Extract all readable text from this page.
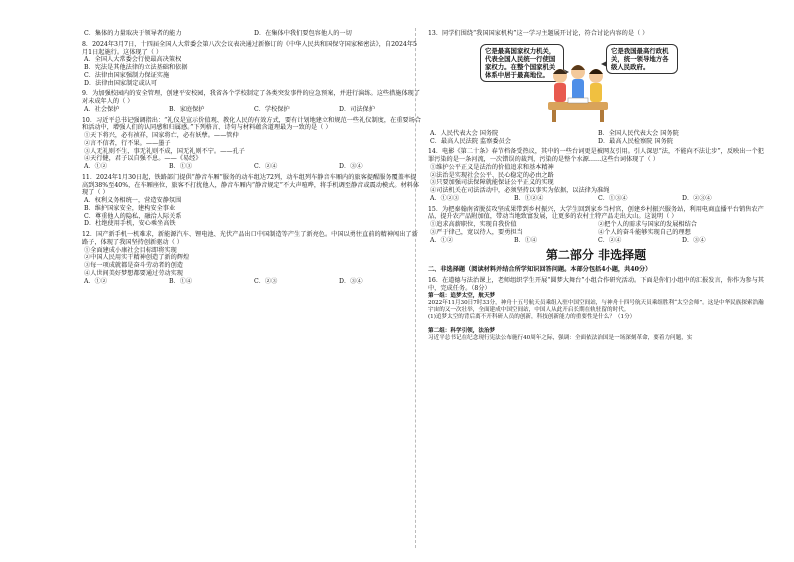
C．集体的力量取决于领导者的能力	D．在集体中我们要包容他人的一切

8．2024年3月7日，十四届全国人大常委会第八次会议表决通过新修订的《中华人民共和国保守国家秘密法》，自2024年5月1日起施行。这体现了（ ）

A．全国人大常委会行使最高决策权
B．宪法是其他法律的立法基础和依据
C．法律由国家强制力保证实施
D．法律由国家制定或认可

9．为加强校园内的安全管理，创建平安校园，我省各个学校制定了各类突发事件的应急预案，并进行演练。这些措施体现了对未成年人的（ ）

A．社会保护	B．家庭保护	C．学校保护	D．司法保护

10．习近平总书记强调指出：“礼仪是宣示价值观、教化人民的有效方式，要有计划地建立和规范一些礼仪制度，在重要场合和活动中，增强人们的认同感和归属感。”下列格言、诗句与材料蕴含道理最为一致的是（ ）

①天下将兴，必有祯祥，国家将亡，必有妖孽。——管仲
②言不信者，行不果。——墨子
③人无礼则不生，事无礼则不成，国无礼则不宁。——孔子
④天行健，君子以自强不息。——《易经》
A．①②	B．①③	C．②④	D．③④

11．2024年1月30日起，铁路部门提供“静音车厢”服务的动车组达72列，动车组列车静音车厢内的旅客提醒服务覆盖率提高到38%至40%，在车厢座位，旅客不打扰他人，静音车厢内“静音规定”不大声喧哗，将手机调至静音或震动模式。材料体现了（ ）

A．权利义务相统一，营造安静氛围
B．维护国家安全，建构安全事业
C．尊重他人的隐私，融洽人际关系
D．杜绝使用手机，安心乘坐高铁

12．国产新手机一机难求，新能源汽车、锂电池、光伏产品出口中国制造等产生了新亮色。中国以勇往直前的精神闯出了新路子，体现了我国坚持创新驱动（ ）

①全面建成小康社会目标即将实现
②中国人民用实干精神创造了新的辉煌
③每一项成就都是奋斗劳动者的创造
④人世间美好梦想都要通过劳动实现
A．①②	B．①④	C．②③	D．③④

13．同学们围绕“我国国家机构”这一学习主题展开讨论，符合讨论内容的是（ ）

它是最高国家权力机关，代表全国人民统一行使国家权力。在整个国家机关体系中居于最高地位。
它是我国最高行政机关，统一领导地方各级人民政府。
A．人民代表大会 国务院	B．全国人民代表大会 国务院
C．最高人民法院 监察委员会	D．最高人民检察院 国务院

14．电影《第二十条》春节档备受热议，其中的一些台词更是被网友引用。引人深思“法，不能向不法让步”，反映出一个犯罪污染的是一条河流，一次错误的裁判，污染的是整个水源……这些台词体现了（ ）

①维护公平正义是法治的价值追求和基本精神
②法治是实现社会公平、民心稳定的必由之路
③只要加强司法保障就能保证公平正义的实现
④司法机关在司法活动中，必须坚持以事实为依据，以法律为准绳
A．①②③	B．①②④	C．①③④	D．②③④

15．为把秦翰南省脱贫攻坚成果带到乡村振兴，大学生回到家乡当村官，创建乡村振兴服务站，利用电商直播平台销售农产品，提升农产品附加值，带动当地致富发展，让更多的农村土特产品走出大山。这说明（ ）

①追求高薪职位，实现自我价值	②把个人的需求与国家的发展相结合
③严于律己，宽以待人，要勇担当	④个人的奋斗能够实现自己的理想
A．①②	B．①④	C．②④	D．③④
第二部分 非选择题
二、非选择题（阅读材料并结合所学知识回答问题。本部分包括4小题，共40分）

16．在道德与法治课上，老师组织学生开展“圆梦大舞台”小组合作研究活动。下面是你们小组中的汇报发言，你作为参与其中，完成任务。（8分）

第一组：追梦太空，航天梦

2022年11月30日7时33分，神舟十五号航天员乘组入驻中国空间站，与神舟十四号航天员乘组胜利“太空会师”。这是中华民族探索浩瀚宇宙的又一次壮举，全面建成中国空间站，中国人从此开启长期在轨驻留的时代。

(1)追梦太空的背后离不开科研人员的创新，科技创新能力的重要性是什么？（1分）
第二组：科学引领，法治梦

习近平总书记在纪念现行宪法公布施行40周年之际，强调：全面依法治国是一场深刻革命，要着力问题，实
